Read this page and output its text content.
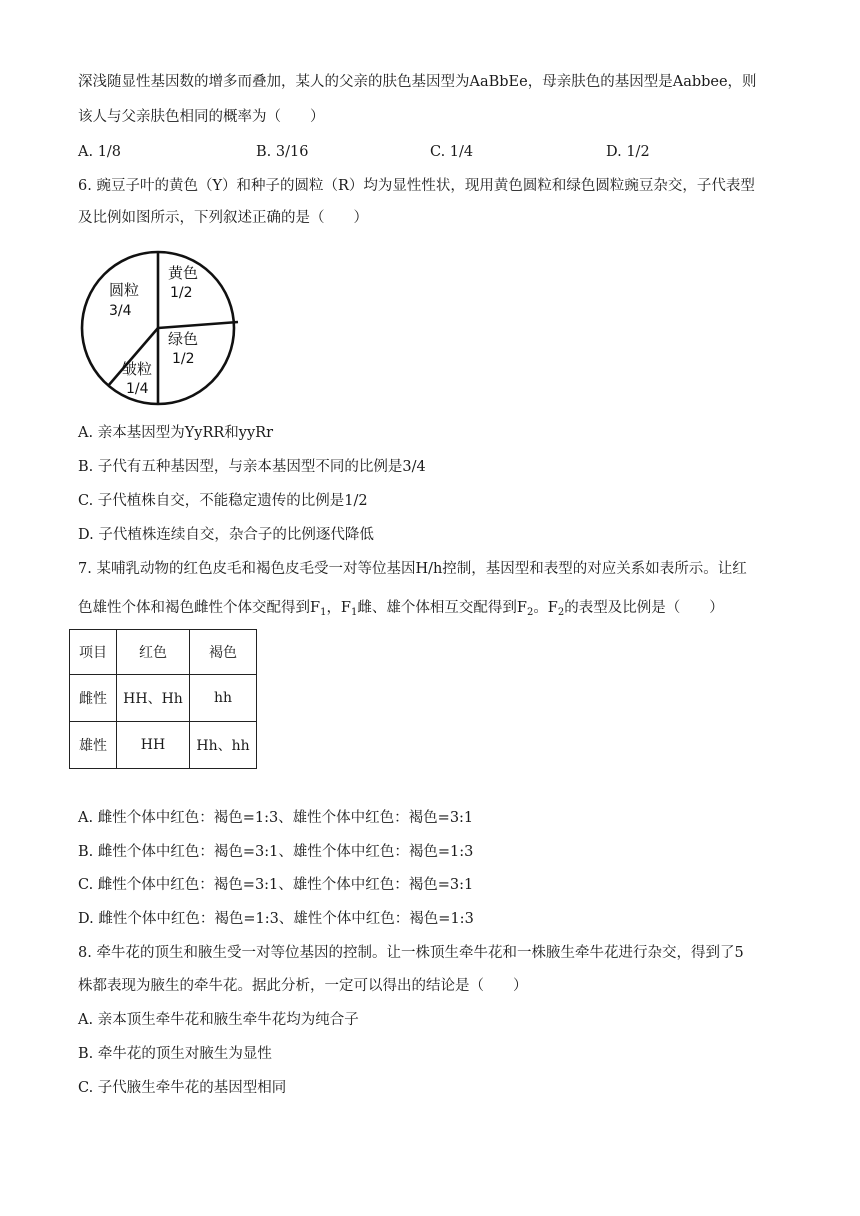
深浅随显性基因数的增多而叠加，某人的父亲的肤色基因型为AaBbEe，母亲肤色的基因型是Aabbee，则
该人与父亲肤色相同的概率为（　　）
A. 1/8	B. 3/16	C. 1/4	D. 1/2
6. 豌豆子叶的黄色（Y）和种子的圆粒（R）均为显性性状，现用黄色圆粒和绿色圆粒豌豆杂交，子代表型
及比例如图所示，下列叙述正确的是（　　）
圆粒
3/4
黄色
1/2
绿色
1/2
皱粒
1/4
A. 亲本基因型为YyRR和yyRr
B. 子代有五种基因型，与亲本基因型不同的比例是3/4
C. 子代植株自交，不能稳定遗传的比例是1/2
D. 子代植株连续自交，杂合子的比例逐代降低
7. 某哺乳动物的红色皮毛和褐色皮毛受一对等位基因H/h控制，基因型和表型的对应关系如表所示。让红
色雄性个体和褐色雌性个体交配得到$F_1$，$F_1$雌、雄个体相互交配得到$F_2$。$F_2$的表型及比例是（　　）
项目	红色	褐色
雌性	HH、Hh	hh
雄性	HH	Hh、hh
A. 雌性个体中红色：褐色=1:3、雄性个体中红色：褐色=3:1
B. 雌性个体中红色：褐色=3:1、雄性个体中红色：褐色=1:3
C. 雌性个体中红色：褐色=3:1、雄性个体中红色：褐色=3:1
D. 雌性个体中红色：褐色=1:3、雄性个体中红色：褐色=1:3
8. 牵牛花的顶生和腋生受一对等位基因的控制。让一株顶生牵牛花和一株腋生牵牛花进行杂交，得到了5
株都表现为腋生的牵牛花。据此分析，一定可以得出的结论是（　　）
A. 亲本顶生牵牛花和腋生牵牛花均为纯合子
B. 牵牛花的顶生对腋生为显性
C. 子代腋生牵牛花的基因型相同
